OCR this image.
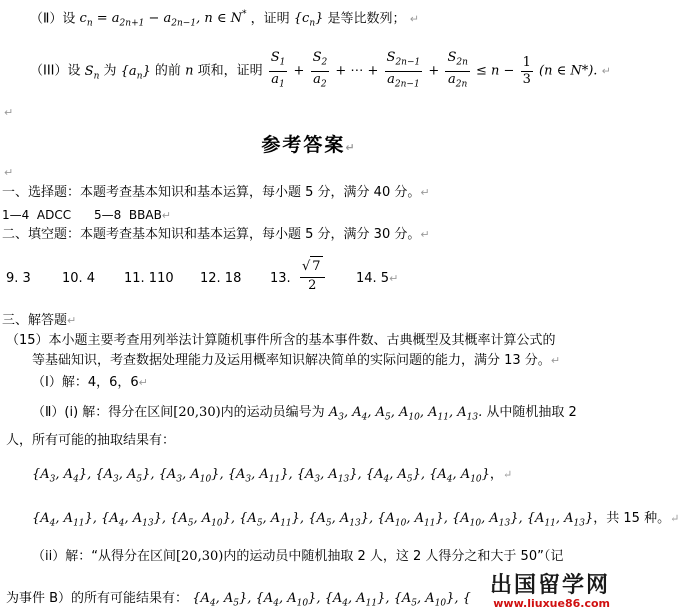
（Ⅱ）设 $c_n = a_{2n+1} - a_{2n-1}$, n ∈ N* ，证明 $\{c_n\}$ 是等比数列； ↵
（III）设 $S_n$ 为 $\{a_n\}$ 的前 n 项和，证明 $\frac{S_1}{a_1} + \frac{S_2}{a_2}$ + ⋯ + $\frac{S_{2n-1}}{a_{2n-1}} + \frac{S_{2n}}{a_{2n}} \le n - \frac{1}{3} (n$ ∈ N*). ↵
↵
参考答案↵
↵
一、选择题：本题考查基本知识和基本运算，每小题 5 分，满分 40 分。↵
1—4  ADCC      5—8  BBAB↵
二、填空题：本题考查基本知识和基本运算，每小题 5 分，满分 30 分。↵
9. 3 10. 4 11. 110 12. 18 13. $\frac{√ 7}{2} 14$. 5↵
三、解答题↵
（15）本小题主要考查用列举法计算随机事件所含的基本事件数、古典概型及其概率计算公式的
等基础知识，考查数据处理能力及运用概率知识解决简单的实际问题的能力，满分 13 分。↵
（Ⅰ）解：4，6，6↵
（Ⅱ）(i) 解：得分在区间[20,30)内的运动员编号为 $A_3$, $A_4$, $A_5$, $A_{10}$, $A_{11}$, $A_{13}$. 从中随机抽取 2
人，所有可能的抽取结果有：
{$A_3$, $A_4$}, {$A_3$, $A_5$}, {$A_3$, $A_{10}$}, {$A_3$, $A_{11}$}, {$A_3$, $A_{13}$}, {$A_4$, $A_5$}, {$A_4$, $A_{10}$}，↵
{$A_4$, $A_{11}$}, {$A_4$, $A_{13}$}, {$A_5$, $A_{10}$}, {$A_5$, $A_{11}$}, {$A_5$, $A_{13}$}, {$A_{10}$, $A_{11}$}, {$A_{10}$, $A_{13}$}, {$A_{11}$, $A_{13}$}，共 15 种。↵
（ii）解：“从得分在区间[20,30)内的运动员中随机抽取 2 人，这 2 人得分之和大于 50”（记
为事件 B）的所有可能结果有： {$A_4$, $A_5$}, {$A_4$, $A_{10}$}, {$A_4$, $A_{11}$}, {$A_5$, $A_{10}$}, {
出国留学网
www.liuxue86.com
